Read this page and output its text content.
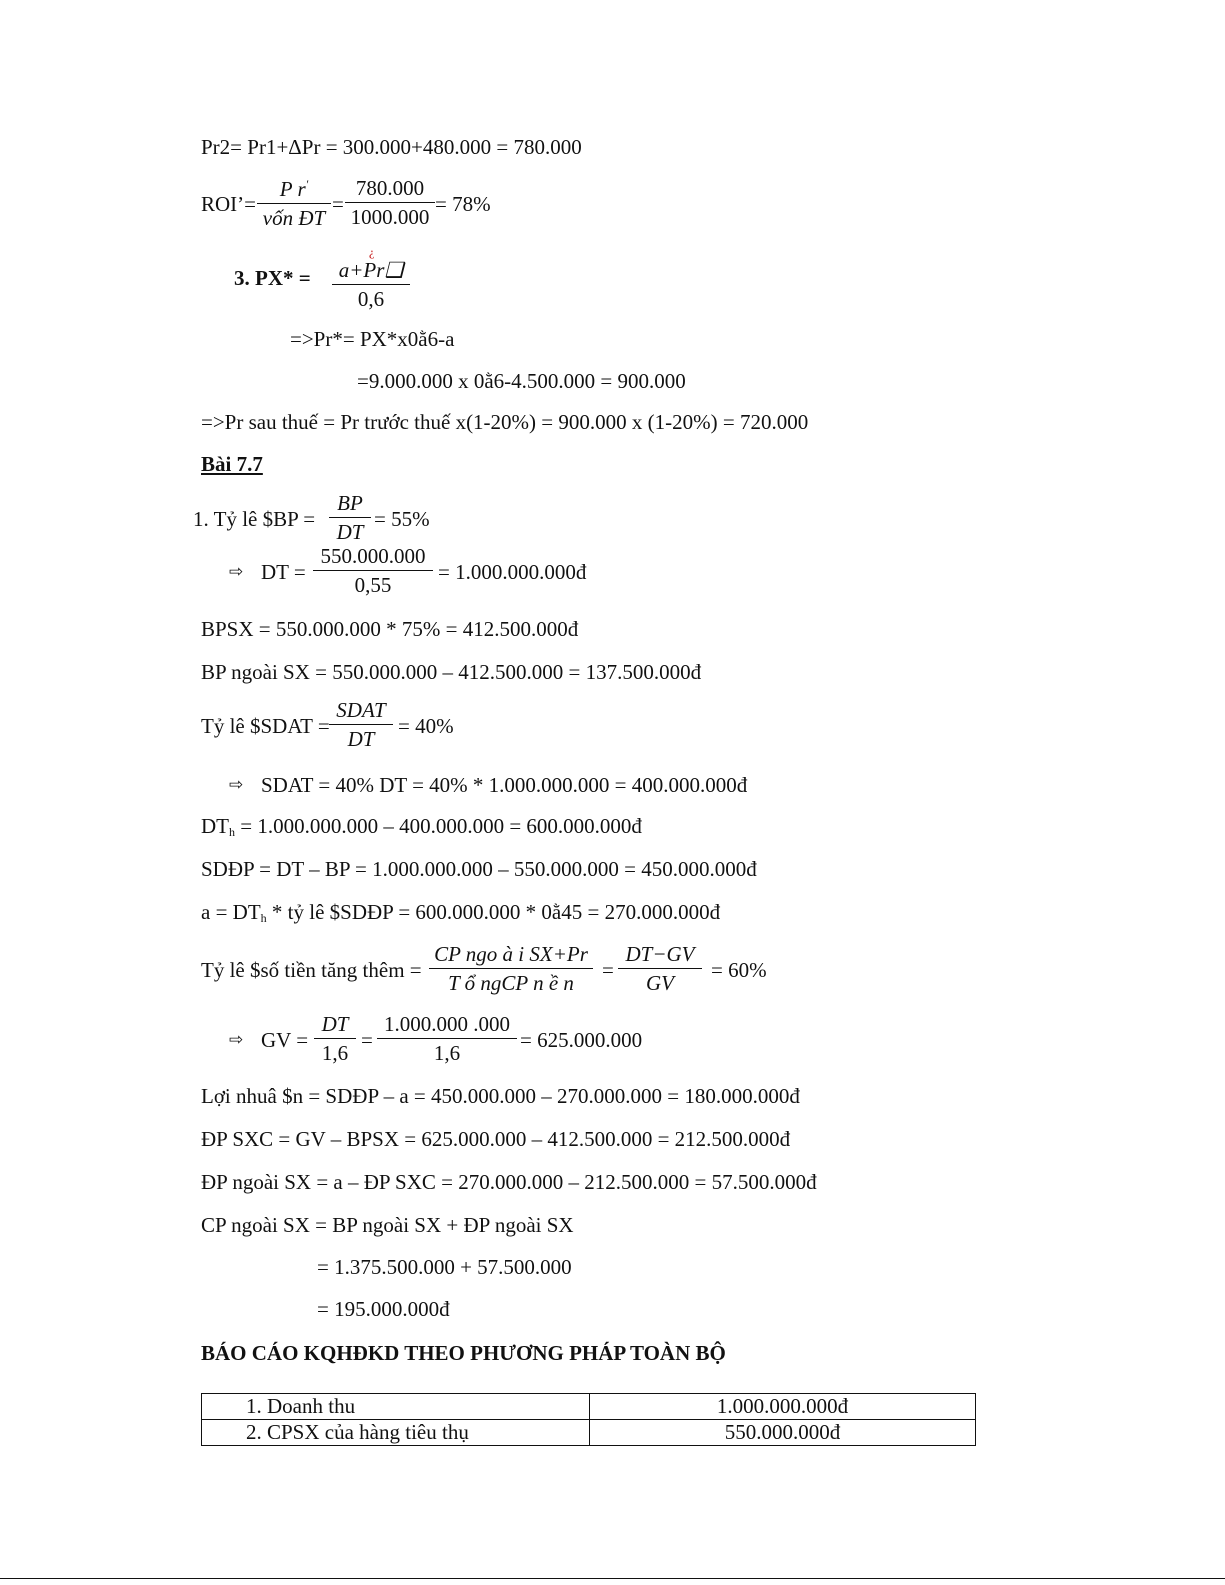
Pr2= Pr1+ΔPr = 300.000+480.000 = 780.000
ROI’=
P r′
vốn ĐT
= $\frac{780.000}{1000.000} = 78\%$
¿
3. $PX* = \frac{a+Pr❑}{0,6}$
=>Pr*= PX*x0ằ6-a
=9.000.000 x 0ằ6-4.500.000 = 900.000
=>Pr sau thuế = Pr trước thuế x(1-20%) = 900.000 x (1-20%) = 720.000
Bài 7.7
1. Tỷ lê $BP = $\frac{BP}{DT} = 55\%$
⇨ DT = $\frac{550.000.000}{0,55}$ = 1.000.000.000đ
BPSX = 550.000.000 * 75% = 412.500.000đ
BP ngoài SX = 550.000.000 – 412.500.000 = 137.500.000đ
Tỷ lê $SDAT =
SDAT
DT
= 40%
⇨ SDAT = 40% DT = 40% * 1.000.000.000 = 400.000.000đ
$DT_h = 1.000.000.000 - 400.000.000$ = 600.000.000đ
SDĐP = DT – BP = 1.000.000.000 – 550.000.000 = 450.000.000đ
$a = DT_h$ * tỷ lê $SDĐP = 600.000.000 * 0ằ45 = 270.000.000đ
Tỷ lê $số tiền tăng thêm =
CP ngo à i SX+Pr
T ổ ngCP n ề n
= $\frac{DT-GV}{GV} = 60\%$
⇨ GV = $\frac{DT}{1,6} = \frac{1.000.000 .000}{1,6} = 625.000.000$
Lợi nhuâ $n = SDĐP – a = 450.000.000 – 270.000.000 = 180.000.000đ
ĐP SXC = GV – BPSX = 625.000.000 – 412.500.000 = 212.500.000đ
ĐP ngoài SX = a – ĐP SXC = 270.000.000 – 212.500.000 = 57.500.000đ
CP ngoài SX = BP ngoài SX + ĐP ngoài SX
= 1.375.500.000 + 57.500.000
= 195.000.000đ
BÁO CÁO KQHĐKD THEO PHƯƠNG PHÁP TOÀN BỘ
1. Doanh thu	1.000.000.000đ
2. CPSX của hàng tiêu thụ	550.000.000đ
